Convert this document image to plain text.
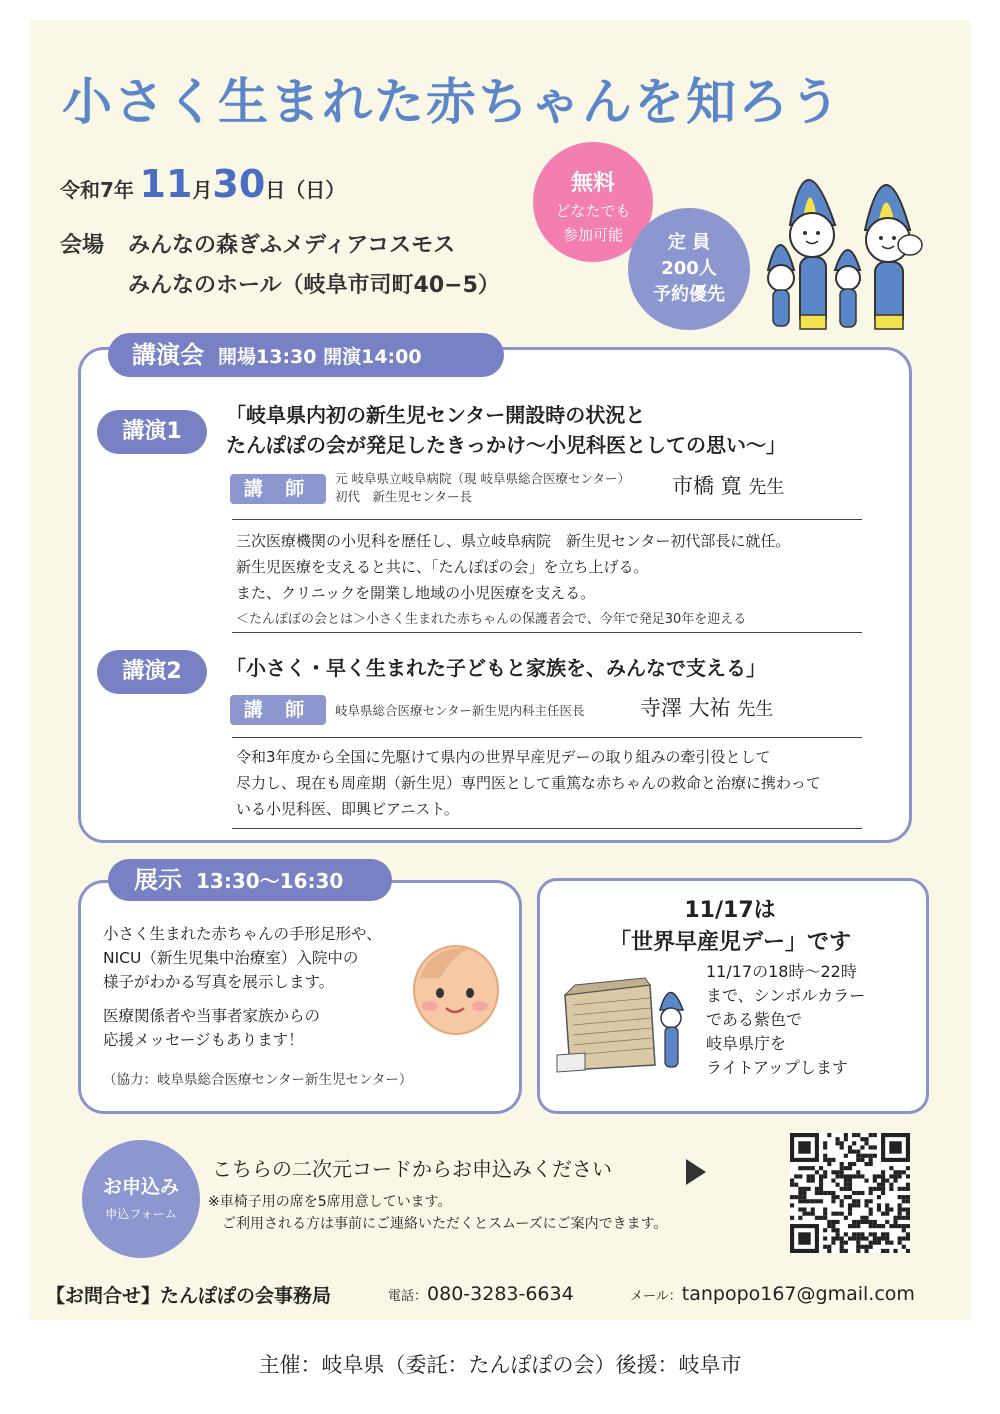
小さく生まれた赤ちゃんを知ろう
令和7年 11月30日（日）
会場 みんなの森ぎふメディアコスモス
みんなのホール（岐阜市司町40−5）
無料
どなたでも
参加可能	定 員
200人
予約優先
講演会 開場13:30 開演14:00
講演1
「岐阜県内初の新生児センター開設時の状況と
たんぽぽの会が発足したきっかけ～小児科医としての思い～」
講 師	元 岐阜県立岐阜病院（現 岐阜県総合医療センター）
初代　新生児センター長	市橋 寛 先生
三次医療機関の小児科を歴任し、県立岐阜病院　新生児センター初代部長に就任。
新生児医療を支えると共に、「たんぽぽの会」を立ち上げる。
また、クリニックを開業し地域の小児医療を支える。
＜たんぽぽの会とは＞小さく生まれた赤ちゃんの保護者会で、今年で発足30年を迎える
講演2	「小さく・早く生まれた子どもと家族を、みんなで支える」
講 師	岐阜県総合医療センター新生児内科主任医長	寺澤 大祐 先生
令和3年度から全国に先駆けて県内の世界早産児デーの取り組みの牽引役として
尽力し、現在も周産期（新生児）専門医として重篤な赤ちゃんの救命と治療に携わって
いる小児科医、即興ピアニスト。
展示 13:30～16:30
小さく生まれた赤ちゃんの手形足形や、
NICU（新生児集中治療室）入院中の
様子がわかる写真を展示します。
医療関係者や当事者家族からの
応援メッセージもあります！
（協力：岐阜県総合医療センター新生児センター）
11/17は
「世界早産児デー」です
11/17の18時～22時
まで、シンボルカラー
である紫色で
岐阜県庁を
ライトアップします
お申込み
申込フォーム
こちらの二次元コードからお申込みください
※車椅子用の席を5席用意しています。
　ご利用される方は事前にご連絡いただくとスムーズにご案内できます。
【お問合せ】たんぽぽの会事務局	電話：080-3283-6634	メール：tanpopo167@gmail.com
主催：岐阜県（委託：たんぽぽの会）後援：岐阜市
